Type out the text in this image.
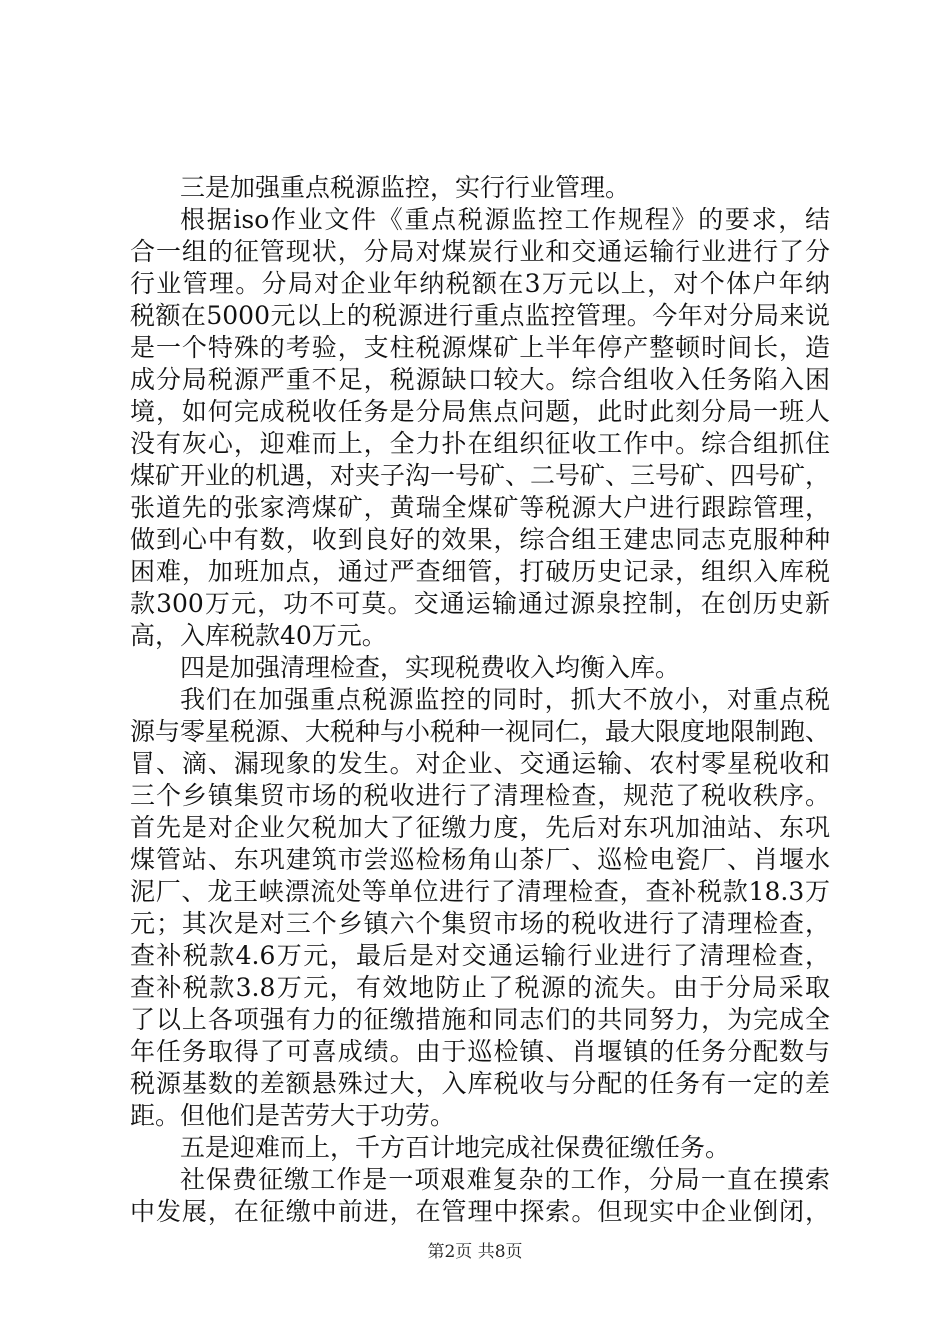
三是加强重点税源监控，实行行业管理。
根据iso作业文件《重点税源监控工作规程》的要求，结
合一组的征管现状，分局对煤炭行业和交通运输行业进行了分
行业管理。分局对企业年纳税额在3万元以上，对个体户年纳
税额在5000元以上的税源进行重点监控管理。今年对分局来说
是一个特殊的考验，支柱税源煤矿上半年停产整顿时间长，造
成分局税源严重不足，税源缺口较大。综合组收入任务陷入困
境，如何完成税收任务是分局焦点问题，此时此刻分局一班人
没有灰心，迎难而上，全力扑在组织征收工作中。综合组抓住
煤矿开业的机遇，对夹子沟一号矿、二号矿、三号矿、四号矿，
张道先的张家湾煤矿，黄瑞全煤矿等税源大户进行跟踪管理，
做到心中有数，收到良好的效果，综合组王建忠同志克服种种
困难，加班加点，通过严查细管，打破历史记录，组织入库税
款300万元，功不可莫。交通运输通过源泉控制，在创历史新
高，入库税款40万元。
四是加强清理检查，实现税费收入均衡入库。
我们在加强重点税源监控的同时，抓大不放小，对重点税
源与零星税源、大税种与小税种一视同仁，最大限度地限制跑、
冒、滴、漏现象的发生。对企业、交通运输、农村零星税收和
三个乡镇集贸市场的税收进行了清理检查，规范了税收秩序。
首先是对企业欠税加大了征缴力度，先后对东巩加油站、东巩
煤管站、东巩建筑市尝巡检杨角山茶厂、巡检电瓷厂、肖堰水
泥厂、龙王峡漂流处等单位进行了清理检查，查补税款18.3万
元；其次是对三个乡镇六个集贸市场的税收进行了清理检查，
查补税款4.6万元，最后是对交通运输行业进行了清理检查，
查补税款3.8万元，有效地防止了税源的流失。由于分局采取
了以上各项强有力的征缴措施和同志们的共同努力，为完成全
年任务取得了可喜成绩。由于巡检镇、肖堰镇的任务分配数与
税源基数的差额悬殊过大，入库税收与分配的任务有一定的差
距。但他们是苦劳大于功劳。
五是迎难而上，千方百计地完成社保费征缴任务。
社保费征缴工作是一项艰难复杂的工作，分局一直在摸索
中发展，在征缴中前进，在管理中探索。但现实中企业倒闭，
第2页 共8页
